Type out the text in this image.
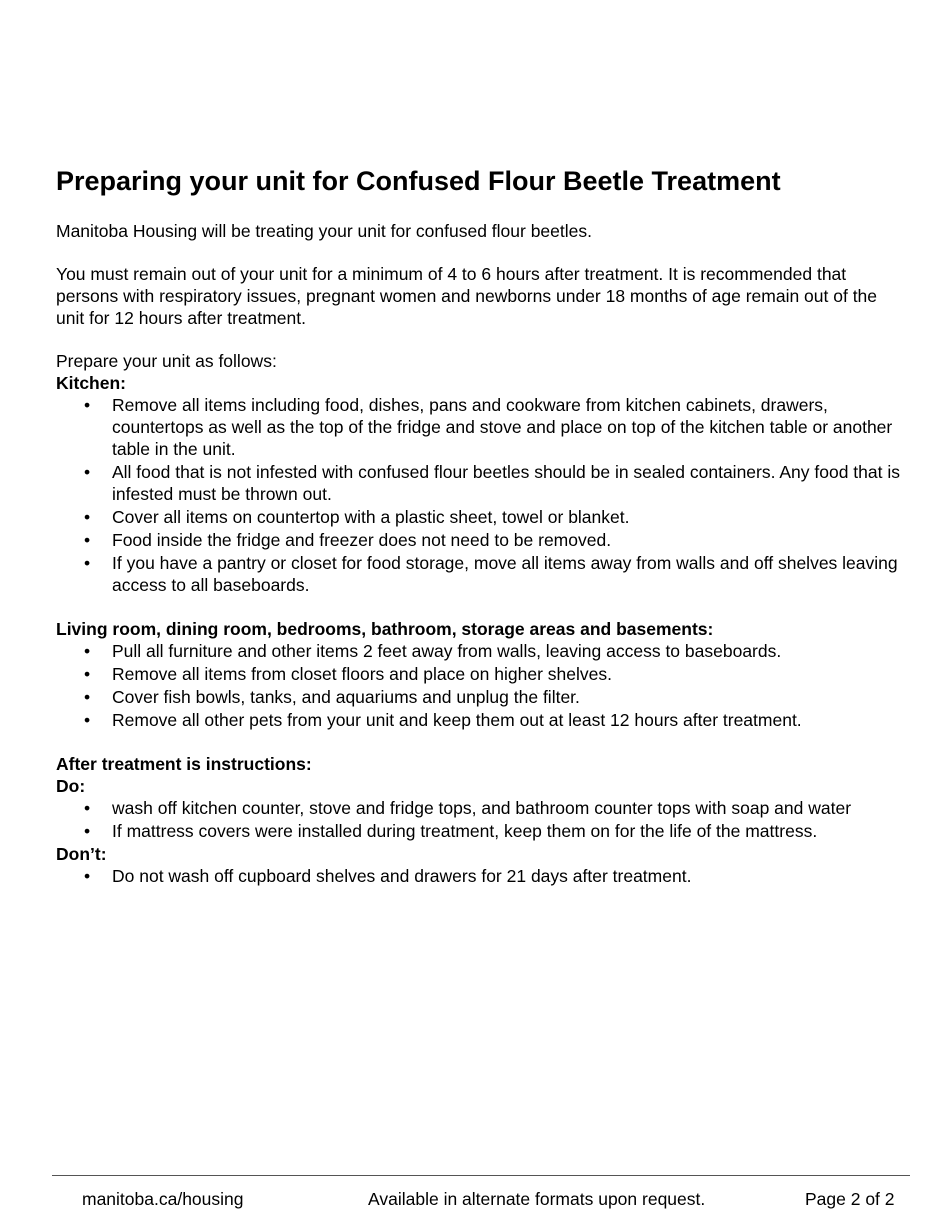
Preparing your unit for Confused Flour Beetle Treatment

Manitoba Housing will be treating your unit for confused flour beetles.

You must remain out of your unit for a minimum of 4 to 6 hours after treatment. It is recommended that persons with respiratory issues, pregnant women and newborns under 18 months of age remain out of the unit for 12 hours after treatment.

Prepare your unit as follows:

Kitchen:

• Remove all items including food, dishes, pans and cookware from kitchen cabinets, drawers, countertops as well as the top of the fridge and stove and place on top of the kitchen table or another table in the unit.
• All food that is not infested with confused flour beetles should be in sealed containers. Any food that is infested must be thrown out.
• Cover all items on countertop with a plastic sheet, towel or blanket.
• Food inside the fridge and freezer does not need to be removed.
• If you have a pantry or closet for food storage, move all items away from walls and off shelves leaving access to all baseboards.

Living room, dining room, bedrooms, bathroom, storage areas and basements:

• Pull all furniture and other items 2 feet away from walls, leaving access to baseboards.
• Remove all items from closet floors and place on higher shelves.
• Cover fish bowls, tanks, and aquariums and unplug the filter.
• Remove all other pets from your unit and keep them out at least 12 hours after treatment.

After treatment is instructions:

Do:

• wash off kitchen counter, stove and fridge tops, and bathroom counter tops with soap and water
• If mattress covers were installed during treatment, keep them on for the life of the mattress.

Don’t:

• Do not wash off cupboard shelves and drawers for 21 days after treatment.
manitoba.ca/housing	Available in alternate formats upon request.	Page 2 of 2
